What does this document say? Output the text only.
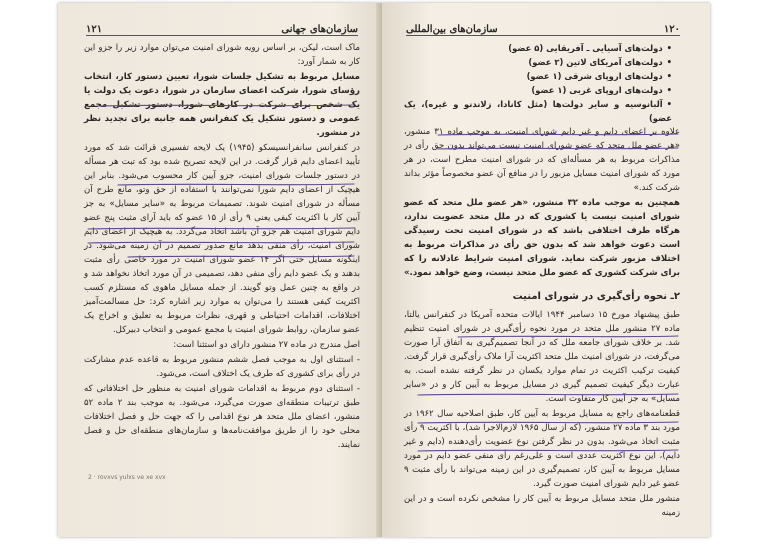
سازمان‌های جهانی
۱۲۱

ماک است، لیکن، بر اساس رویه شورای امنیت می‌توان موارد زیر را جزو این کار به شمار آورد:

مسایل مربوط به تشکیل جلسات شورا، تعیین دستور کار، انتخاب رؤسای شورا، شرکت اعضای سازمان در شورا، دعوت یک دولت یا یک شخص برای شرکت در کارهای شورا، دستور تشکیل مجمع عمومی و دستور تشکیل یک کنفرانس همه جانبه برای تجدید نظر در منشور.

در کنفرانس سانفرانسیسکو (۱۹۴۵) یک لایحه تفسیری قرائت شد که مورد تأیید اعضای دایم قرار گرفت. در این لایحه تصریح شده بود که تبت هر مسأله در دستور جلسات شورای امنیت، جزو آیین کار محسوب می‌شود. بنابر این هیچیک از اعضای دایم شورا نمی‌توانند با استفاده از حق وتو، مانع طرح آن مسأله در شورای امنیت شوند. تصمیمات مربوط به «سایر مسایل» به جز آیین کار با اکثریت کیفی یعنی ۹ رأی از ۱۵ عضو که باید آرای مثبت پنج عضو دایم شورای امنیت هم جزو آن باشد اتخاذ می‌گردد. به هیچیک از اعضای دایم شورای امنیت، رأی منفی بدهد مانع صدور تصمیم در آن زمینه می‌شود. در اینگونه مسایل حتی اگر ۱۴ عضو شورای امنیت در مورد خاصی رأی مثبت بدهند و یک عضو دایم رأی منفی دهد، تصمیمی در آن مورد اتخاذ نخواهد شد و در واقع به چنین عمل وتو گویند. از جمله مسایل ماهوی که مستلزم کسب اکثریت کیفی هستند را می‌توان به موارد زیر اشاره کرد: حل مسالمت‌آمیز اختلافات، اقدامات احتیاطی و قهری، نظرات مربوط به تعلیق و اخراج یک عضو سازمان، روابط شورای امنیت با مجمع عمومی و انتخاب دبیرکل.

اصل مندرج در ماده ۲۷ منشور دارای دو استثنا است:

- استثنای اول به موجب فصل ششم منشور مربوط به قاعده عدم مشارکت در رأی برای کشوری که طرف یک اختلاف است، می‌شود.

- استثنای دوم مربوط به اقدامات شورای امنیت به منظور حل اختلافاتی که طبق ترتیبات منطقه‌ای صورت می‌گیرد، می‌شود. به موجب بند ۲ ماده ۵۲ منشور، اعضای ملل متحد هر نوع اقدامی را که جهت حل و فصل اختلافات محلی خود را از طریق موافقت‌نامه‌ها و سازمان‌های منطقه‌ای حل و فصل نمایند.

2 · rovxvs yulxs ve xe xvx
۱۲۰
سازمان‌های بین‌المللی
• دولت‌های آسیایی ـ آفریقایی (۵ عضو)
• دولت‌های آمریکای لاتین (۲ عضو)
• دولت‌های اروپای شرقی (۱ عضو)
• دولت‌های اروپای غربی (۱ عضو)
• آلبانوسیه و سایر دولت‌ها (مثل کانادا، زلاندنو و غیره)، یک عضو)

علاوه بر اعضای دایم و غیر دایم شورای امنیت، به موجب ماده ۳۱ منشور، «هر عضو ملل متحد که عضو شورای امنیت نیست می‌تواند بدون حق رأی در مذاکرات مربوط به هر مسأله‌ای که در شورای امنیت مطرح است، در هر مورد که شورای امنیت مسایل مزبور را در منافع آن عضو مخصوصاً مؤثر بداند شرکت کند.»

همچنین به موجب ماده ۳۲ منشور، «هر عضو ملل متحد که عضو شورای امنیت نیست یا کشوری که در ملل متحد عضویت ندارد، هرگاه طرف اختلافی باشد که در شورای امنیت تحت رسیدگی است دعوت خواهد شد که بدون حق رأی در مذاکرات مربوط به اختلاف مزبور شرکت نماید. شورای امنیت شرایط عادلانه را که برای شرکت کشوری که عضو ملل متحد نیست، وضع خواهد نمود.»

۲ـ نحوه رأی‌گیری در شورای امنیت

طبق پیشنهاد مورخ ۱۵ دسامبر ۱۹۴۴ ایالات متحده آمریکا در کنفرانس یالتا، ماده ۲۷ منشور ملل متحد در مورد نحوه رأی‌گیری در شورای امنیت تنظیم شد. بر خلاف شورای جامعه ملل که در آنجا تصمیم‌گیری به اتفاق آرا صورت می‌گرفت، در شورای امنیت ملل متحد اکثریت آرا ملاک رأی‌گیری قرار گرفت. کیفیت ترکیب اکثریت در تمام موارد یکسان در نظر گرفته نشده است. به عبارت دیگر کیفیت تصمیم گیری در مسایل مربوط به آیین کار و در «سایر مسایل» به جز آیین کار متفاوت است.

قطعنامه‌های راجع به مسایل مربوط به آیین کار، طبق اصلاحیه سال ۱۹۶۲ در مورد بند ۳ ماده ۲۷ منشور، (که از سال ۱۹۶۵ لازم‌الاجرا شد)، با اکثریت ۹ رأی مثبت اتخاذ می‌شود. بدون در نظر گرفتن نوع عضویت رأی‌دهنده (دایم و غیر دایم)، این نوع اکثریت عددی است و علی‌رغم رأی منفی عضو دایم در مورد مسایل مربوط به آیین کار، تصمیم‌گیری در این زمینه می‌تواند با رأی مثبت ۹ عضو غیر دایم شورای امنیت صورت گیرد.

منشور ملل متحد مسایل مربوط به آیین کار را مشخص نکرده است و در این زمینه
